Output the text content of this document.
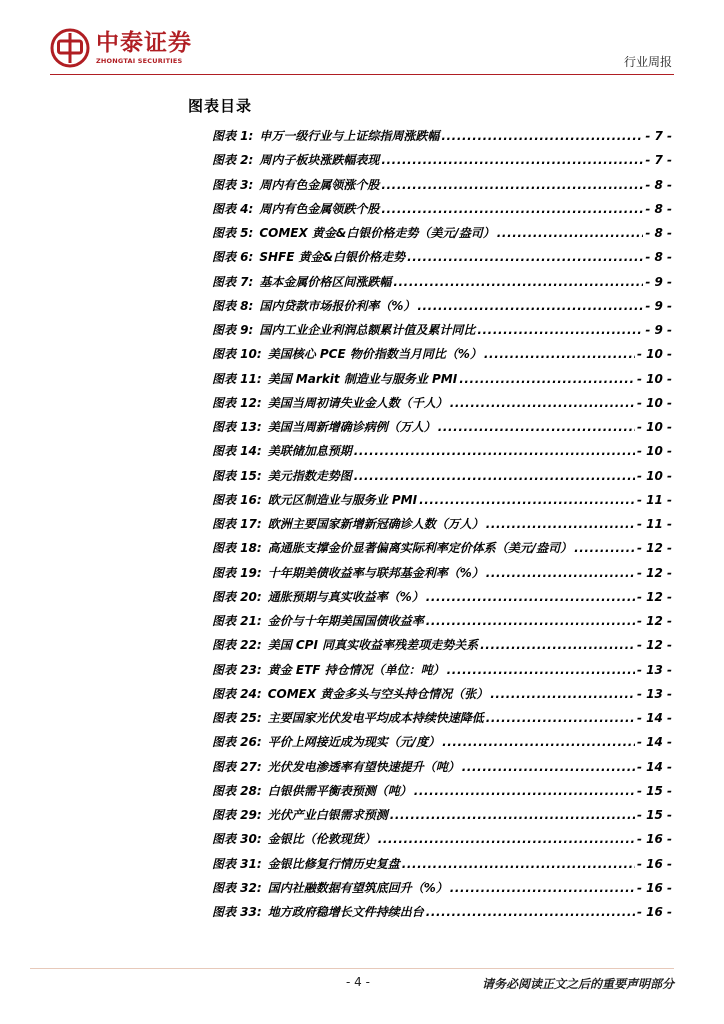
中泰证券
ZHONGTAI SECURITIES	行业周报
图表目录
图表 1: 申万一级行业与上证综指周涨跌幅 .....	- 7 -
图表 2: 周内子板块涨跌幅表现 .....	- 7 -
图表 3: 周内有色金属领涨个股 .....	- 8 -
图表 4: 周内有色金属领跌个股 .....	- 8 -
图表 5: COMEX 黄金&白银价格走势（美元/盎司） .....	- 8 -
图表 6: SHFE 黄金&白银价格走势 .....	- 8 -
图表 7: 基本金属价格区间涨跌幅 .....	- 9 -
图表 8: 国内贷款市场报价利率（%） .....	- 9 -
图表 9: 国内工业企业利润总额累计值及累计同比 .....	- 9 -
图表 10: 美国核心 PCE 物价指数当月同比（%） .....	- 10 -
图表 11: 美国 Markit 制造业与服务业 PMI .....	- 10 -
图表 12: 美国当周初请失业金人数（千人） .....	- 10 -
图表 13: 美国当周新增确诊病例（万人） .....	- 10 -
图表 14: 美联储加息预期 .....	- 10 -
图表 15: 美元指数走势图 .....	- 10 -
图表 16: 欧元区制造业与服务业 PMI .....	- 11 -
图表 17: 欧洲主要国家新增新冠确诊人数（万人） .....	- 11 -
图表 18: 高通胀支撑金价显著偏离实际利率定价体系（美元/盎司） .....	- 12 -
图表 19: 十年期美债收益率与联邦基金利率（%） .....	- 12 -
图表 20: 通胀预期与真实收益率（%） .....	- 12 -
图表 21: 金价与十年期美国国债收益率 .....	- 12 -
图表 22: 美国 CPI 同真实收益率残差项走势关系 .....	- 12 -
图表 23: 黄金 ETF 持仓情况（单位：吨） .....	- 13 -
图表 24: COMEX 黄金多头与空头持仓情况（张） .....	- 13 -
图表 25: 主要国家光伏发电平均成本持续快速降低 .....	- 14 -
图表 26: 平价上网接近成为现实（元/度） .....	- 14 -
图表 27: 光伏发电渗透率有望快速提升（吨） .....	- 14 -
图表 28: 白银供需平衡表预测（吨） .....	- 15 -
图表 29: 光伏产业白银需求预测 .....	- 15 -
图表 30: 金银比（伦敦现货） .....	- 16 -
图表 31: 金银比修复行情历史复盘 .....	- 16 -
图表 32: 国内社融数据有望筑底回升（%） .....	- 16 -
图表 33: 地方政府稳增长文件持续出台 .....	- 16 -
- 4 -	请务必阅读正文之后的重要声明部分
